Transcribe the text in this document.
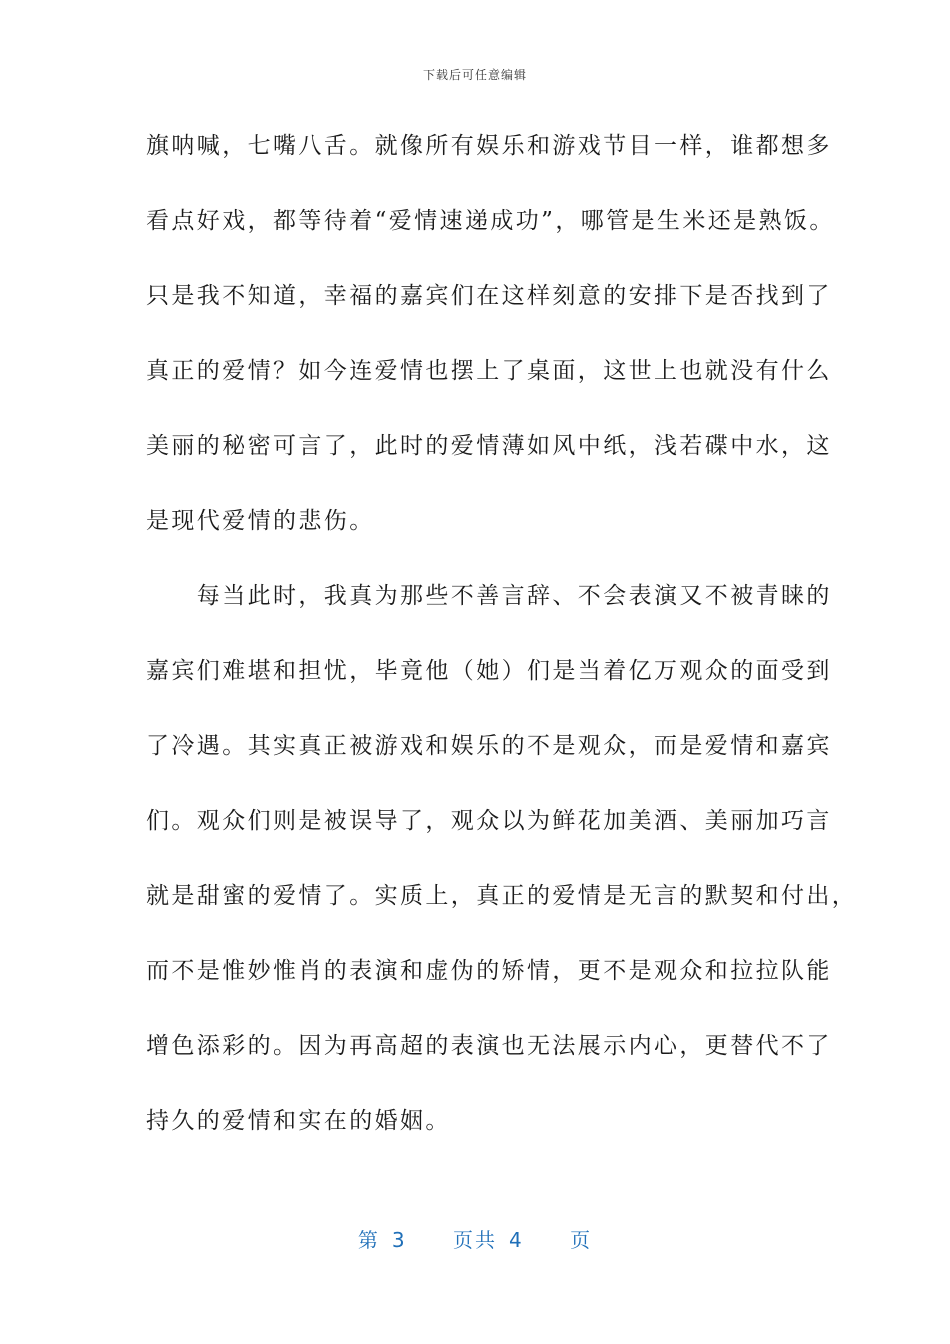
下载后可任意编辑
旗呐喊，七嘴八舌。就像所有娱乐和游戏节目一样，谁都想多
看点好戏，都等待着“爱情速递成功”，哪管是生米还是熟饭。
只是我不知道，幸福的嘉宾们在这样刻意的安排下是否找到了
真正的爱情？如今连爱情也摆上了桌面，这世上也就没有什么
美丽的秘密可言了，此时的爱情薄如风中纸，浅若碟中水，这
是现代爱情的悲伤。
　　每当此时，我真为那些不善言辞、不会表演又不被青睐的
嘉宾们难堪和担忧，毕竟他（她）们是当着亿万观众的面受到
了冷遇。其实真正被游戏和娱乐的不是观众，而是爱情和嘉宾
们。观众们则是被误导了，观众以为鲜花加美酒、美丽加巧言
就是甜蜜的爱情了。实质上，真正的爱情是无言的默契和付出，
而不是惟妙惟肖的表演和虚伪的矫情，更不是观众和拉拉队能
增色添彩的。因为再高超的表演也无法展示内心，更替代不了
持久的爱情和实在的婚姻。
第 3 页共 4 页
